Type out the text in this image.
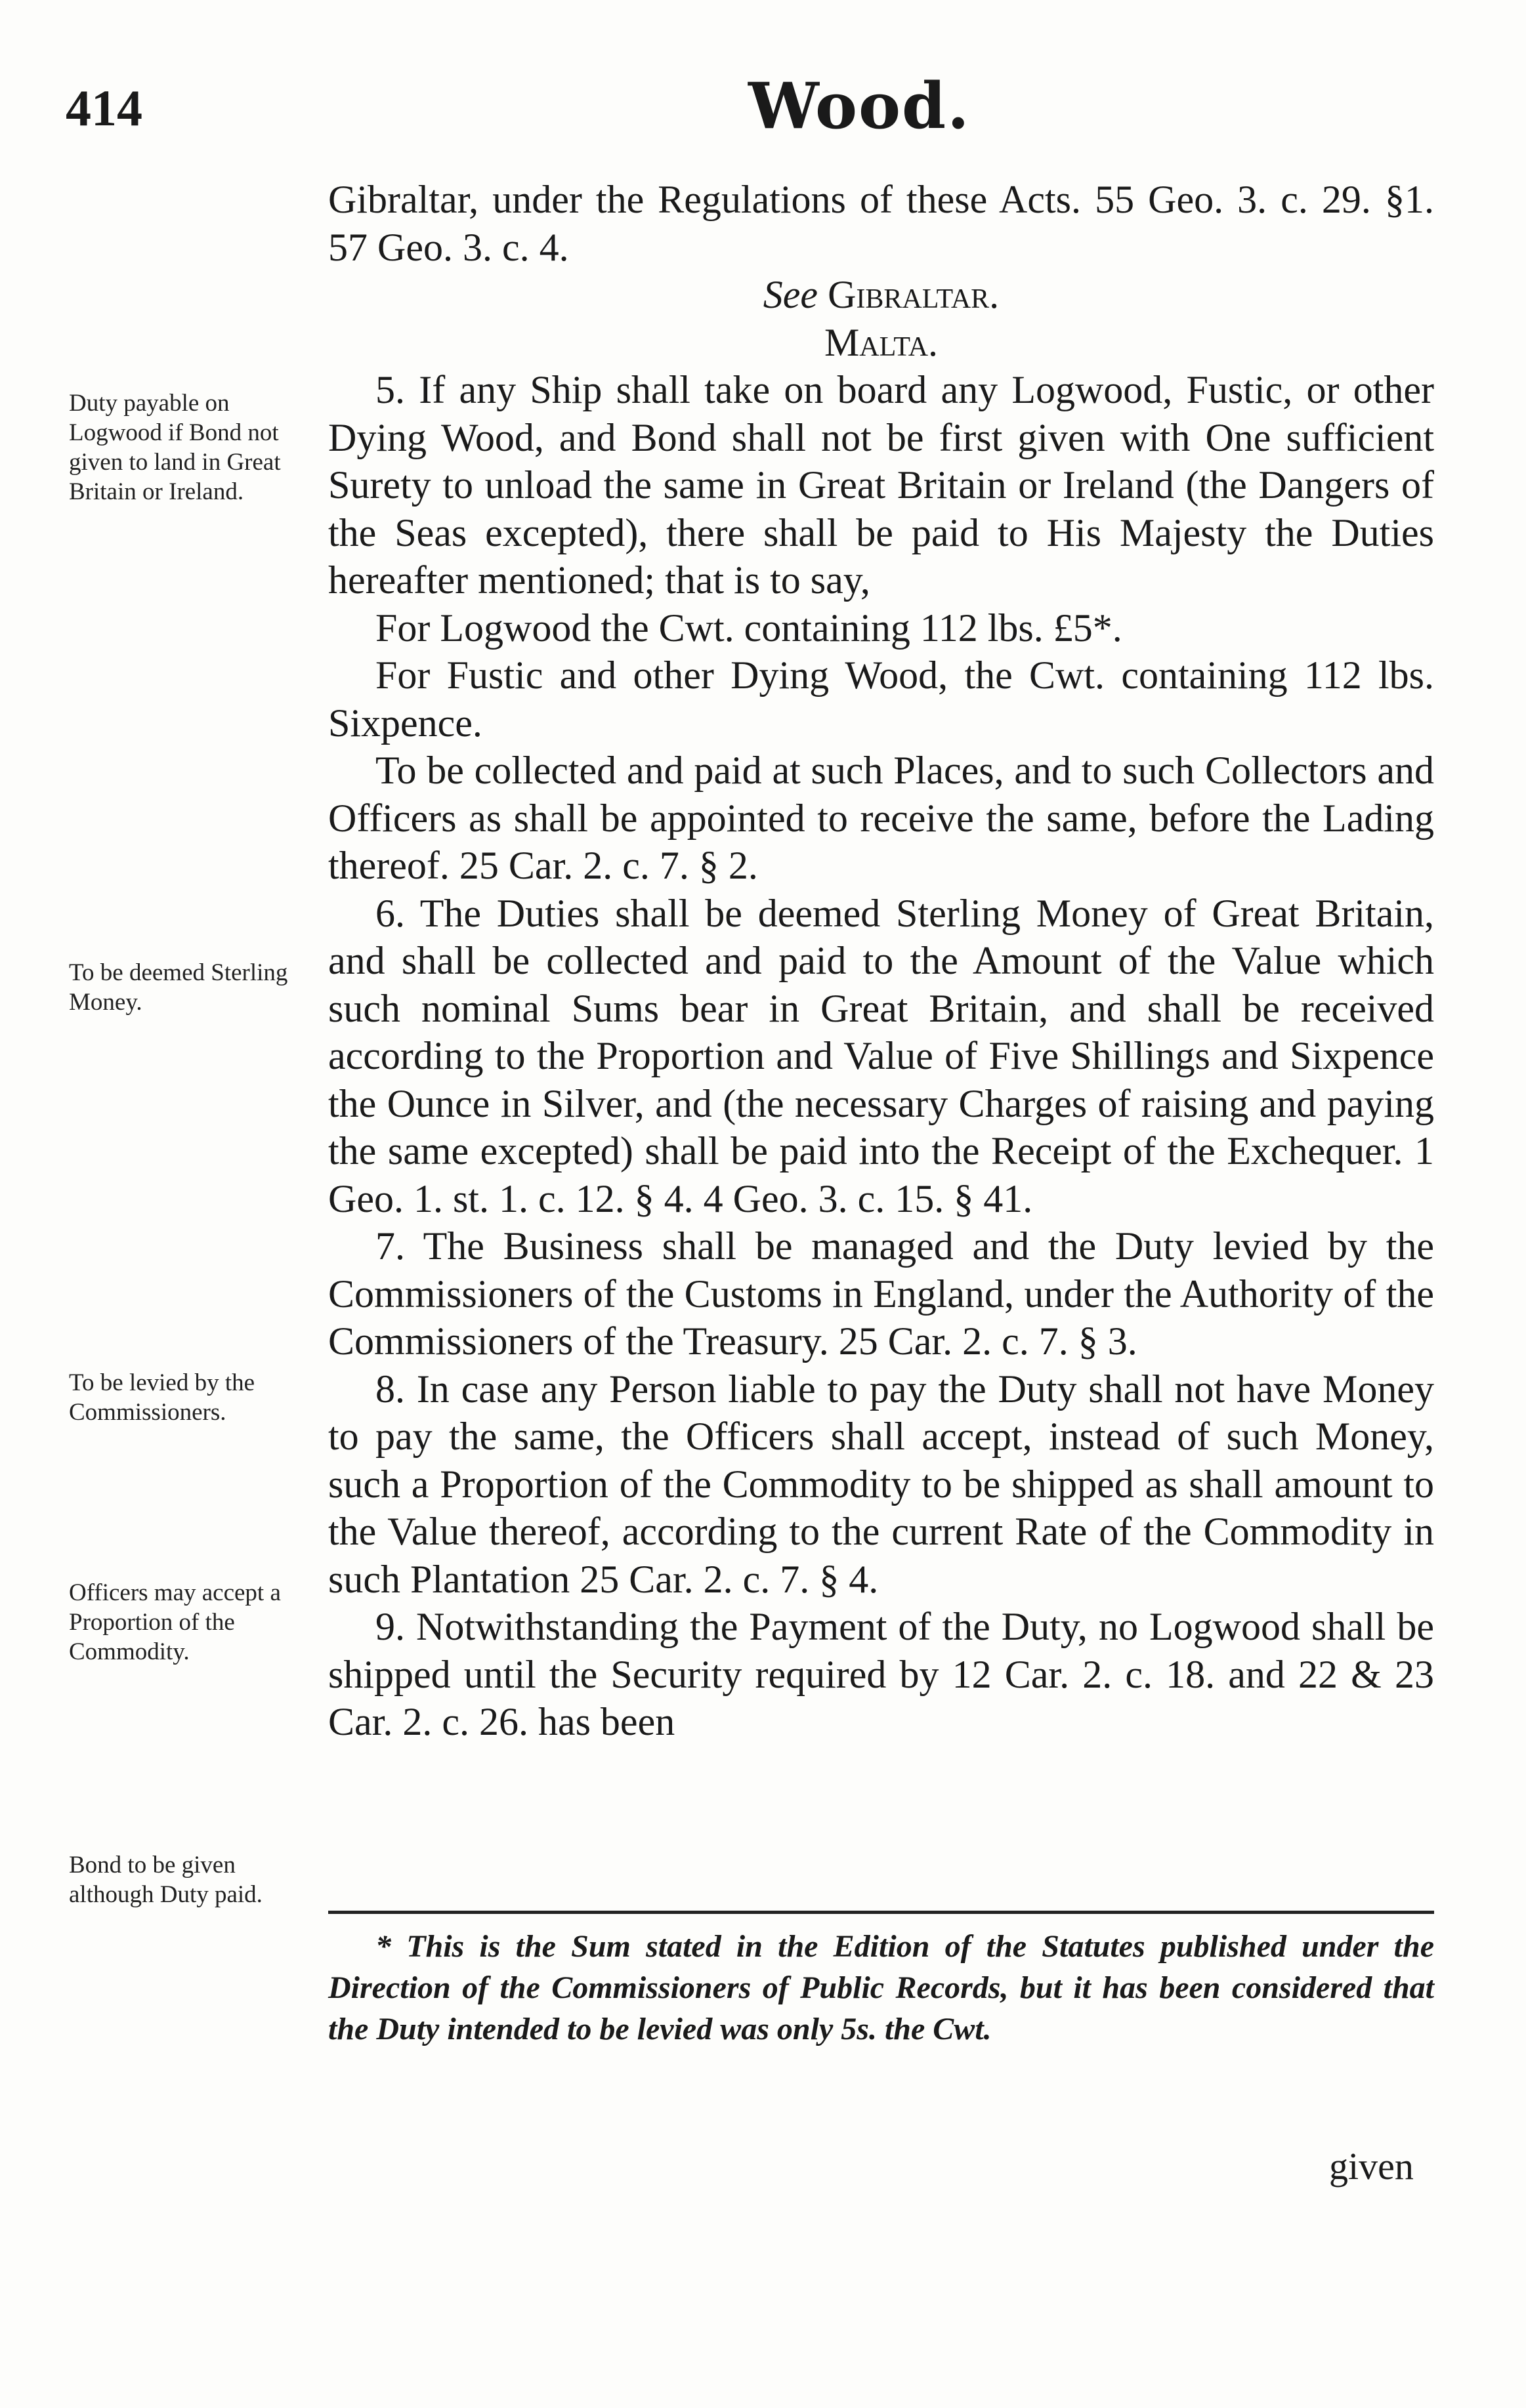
414	Wood.
Duty payable on Logwood if Bond not given to land in Great Britain or Ireland.
To be deemed Sterling Money.
To be levied by the Commissioners.
Officers may accept a Proportion of the Commodity.
Bond to be given although Duty paid.

Gibraltar, under the Regulations of these Acts. 55 Geo. 3. c. 29. §1. 57 Geo. 3. c. 4.

See Gibraltar.

Malta.

5. If any Ship shall take on board any Logwood, Fustic, or other Dying Wood, and Bond shall not be first given with One sufficient Surety to unload the same in Great Britain or Ireland (the Dangers of the Seas excepted), there shall be paid to His Majesty the Duties hereafter mentioned; that is to say,

For Logwood the Cwt. containing 112 lbs. £5*.

For Fustic and other Dying Wood, the Cwt. containing 112 lbs. Sixpence.

To be collected and paid at such Places, and to such Collectors and Officers as shall be appointed to receive the same, before the Lading thereof. 25 Car. 2. c. 7. § 2.

6. The Duties shall be deemed Sterling Money of Great Britain, and shall be collected and paid to the Amount of the Value which such nominal Sums bear in Great Britain, and shall be received according to the Proportion and Value of Five Shillings and Sixpence the Ounce in Silver, and (the necessary Charges of raising and paying the same excepted) shall be paid into the Receipt of the Exchequer. 1 Geo. 1. st. 1. c. 12. § 4. 4 Geo. 3. c. 15. § 41.

7. The Business shall be managed and the Duty levied by the Commissioners of the Customs in England, under the Authority of the Commissioners of the Treasury. 25 Car. 2. c. 7. § 3.

8. In case any Person liable to pay the Duty shall not have Money to pay the same, the Officers shall accept, instead of such Money, such a Proportion of the Commodity to be shipped as shall amount to the Value thereof, according to the current Rate of the Commodity in such Plantation 25 Car. 2. c. 7. § 4.

9. Notwithstanding the Payment of the Duty, no Logwood shall be shipped until the Security required by 12 Car. 2. c. 18. and 22 & 23 Car. 2. c. 26. has been

* This is the Sum stated in the Edition of the Statutes published under the Direction of the Commissioners of Public Records, but it has been considered that the Duty intended to be levied was only 5s. the Cwt.
given
